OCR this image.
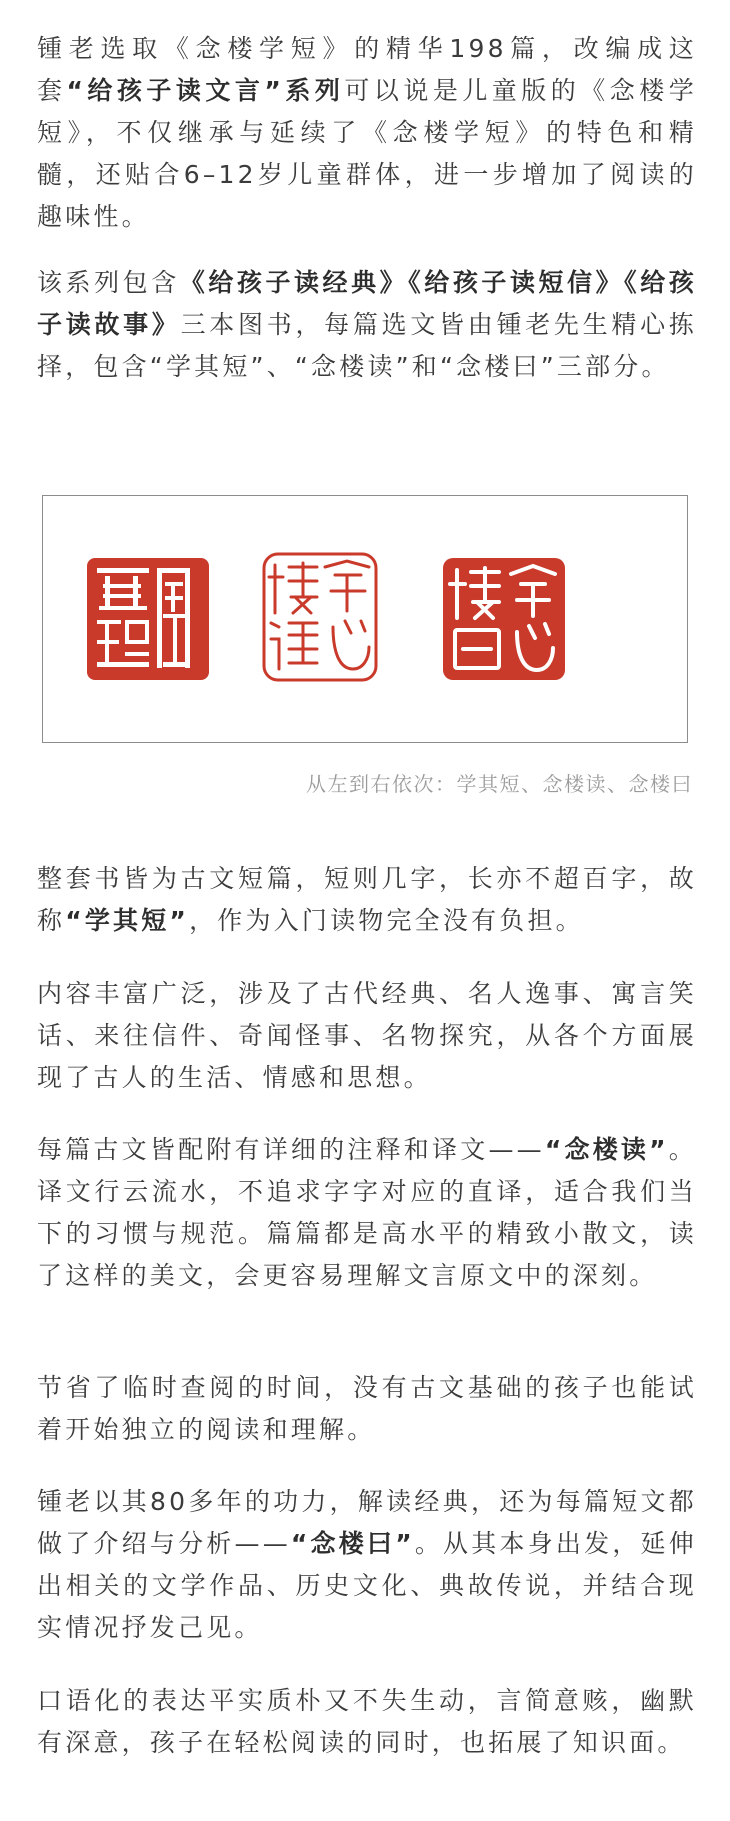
锺老选取《念楼学短》的精华198篇，改编成这套“给孩子读文言”系列可以说是儿童版的《念楼学短》，不仅继承与延续了《念楼学短》的特色和精髓，还贴合6–12岁儿童群体，进一步增加了阅读的趣味性。

该系列包含《给孩子读经典》《给孩子读短信》《给孩子读故事》三本图书，每篇选文皆由锺老先生精心拣择，包含“学其短”、“念楼读”和“念楼曰”三部分。

从左到右依次：学其短、念楼读、念楼曰

整套书皆为古文短篇，短则几字，长亦不超百字，故称“学其短”，作为入门读物完全没有负担。

内容丰富广泛，涉及了古代经典、名人逸事、寓言笑话、来往信件、奇闻怪事、名物探究，从各个方面展现了古人的生活、情感和思想。

每篇古文皆配附有详细的注释和译文——“念楼读”。译文行云流水，不追求字字对应的直译，适合我们当下的习惯与规范。篇篇都是高水平的精致小散文，读了这样的美文，会更容易理解文言原文中的深刻。

节省了临时查阅的时间，没有古文基础的孩子也能试着开始独立的阅读和理解。

锺老以其80多年的功力，解读经典，还为每篇短文都做了介绍与分析——“念楼曰”。从其本身出发，延伸出相关的文学作品、历史文化、典故传说，并结合现实情况抒发己见。

口语化的表达平实质朴又不失生动，言简意赅，幽默有深意，孩子在轻松阅读的同时，也拓展了知识面。
